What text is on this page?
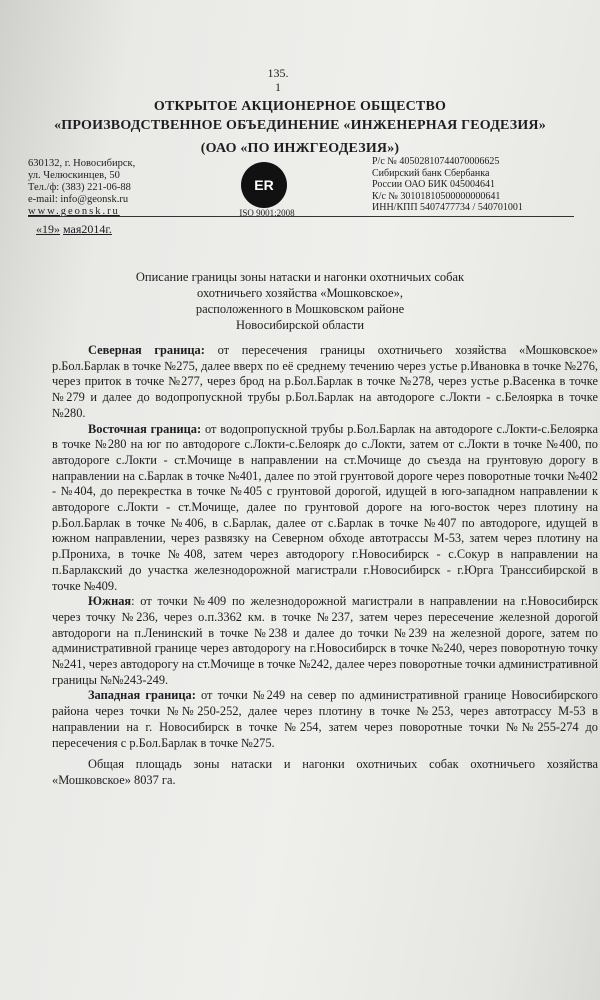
135.
1
ОТКРЫТОЕ АКЦИОНЕРНОЕ ОБЩЕСТВО
«ПРОИЗВОДСТВЕННОЕ ОБЪЕДИНЕНИЕ «ИНЖЕНЕРНАЯ ГЕОДЕЗИЯ»
(ОАО «ПО ИНЖГЕОДЕЗИЯ»)
630132, г. Новосибирск,
ул. Челюскинцев, 50
Тел./ф: (383) 221-06-88
e-mail: info@geonsk.ru
www.geonsk.ru
ER
ISO 9001:2008
Р/с № 40502810744070006625
Сибирский банк Сбербанка
России ОАО БИК 045004641
К/с № 30101810500000000641
ИНН/КПП 5407477734 / 540701001
«19» мая2014г.
Описание границы зоны натаски и нагонки охотничьих собак
охотничьего хозяйства «Мошковское»,
расположенного в Мошковском районе
Новосибирской области

Северная граница: от пересечения границы охотничьего хозяйства «Мошковское» р.Бол.Барлак в точке №275, далее вверх по её среднему течению через устье р.Ивановка в точке №276, через приток в точке №277, через брод на р.Бол.Барлак в точке №278, через устье р.Васенка в точке №279 и далее до водопропускной трубы р.Бол.Барлак на автодороге с.Локти - с.Белоярка в точке №280.

Восточная граница: от водопропускной трубы р.Бол.Барлак на автодороге с.Локти-с.Белоярка в точке №280 на юг по автодороге с.Локти-с.Белоярк до с.Локти, затем от с.Локти в точке №400, по автодороге с.Локти - ст.Мочище в направлении на ст.Мочище до съезда на грунтовую дорогу в направлении на с.Барлак в точке №401, далее по этой грунтовой дороге через поворотные точки №402 - №404, до перекрестка в точке №405 с грунтовой дорогой, идущей в юго-западном направлении к автодороге с.Локти - ст.Мочище, далее по грунтовой дороге на юго-восток через плотину на р.Бол.Барлак в точке №406, в с.Барлак, далее от с.Барлак в точке №407 по автодороге, идущей в южном направлении, через развязку на Северном обходе автотрассы М-53, затем через плотину на р.Прониха, в точке №408, затем через автодорогу г.Новосибирск - с.Сокур в направлении на п.Барлакский до участка железнодорожной магистрали г.Новосибирск - г.Юрга Транссибирской в точке №409.

Южная: от точки №409 по железнодорожной магистрали в направлении на г.Новосибирск через точку №236, через о.п.3362 км. в точке №237, затем через пересечение железной дорогой автодороги на п.Ленинский в точке №238 и далее до точки №239 на железной дороге, затем по административной границе через автодорогу на г.Новосибирск в точке №240, через поворотную точку №241, через автодорогу на ст.Мочище в точке №242, далее через поворотные точки административной границы №№243-249.

Западная граница: от точки №249 на север по административной границе Новосибирского района через точки №№250-252, далее через плотину в точке №253, через автотрассу М-53 в направлении на г. Новосибирск в точке №254, затем через поворотные точки №№255-274 до пересечения с р.Бол.Барлак в точке №275.

Общая площадь зоны натаски и нагонки охотничьих собак охотничьего хозяйства «Мошковское» 8037 га.
